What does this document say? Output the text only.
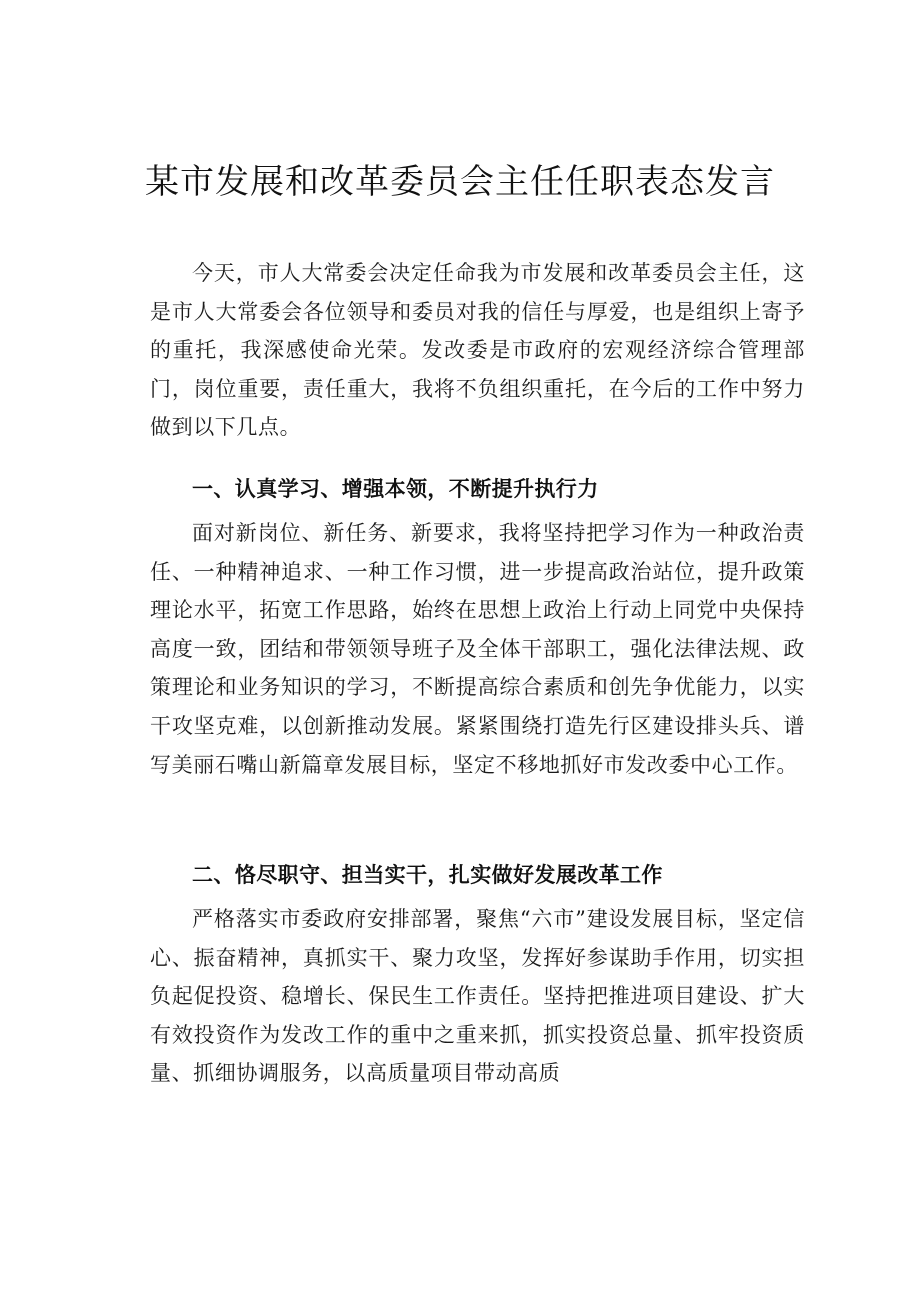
某市发展和改革委员会主任任职表态发言

今天，市人大常委会决定任命我为市发展和改革委员会主任，这是市人大常委会各位领导和委员对我的信任与厚爱，也是组织上寄予的重托，我深感使命光荣。发改委是市政府的宏观经济综合管理部门，岗位重要，责任重大，我将不负组织重托，在今后的工作中努力做到以下几点。

一、认真学习、增强本领，不断提升执行力

面对新岗位、新任务、新要求，我将坚持把学习作为一种政治责任、一种精神追求、一种工作习惯，进一步提高政治站位，提升政策理论水平，拓宽工作思路，始终在思想上政治上行动上同党中央保持高度一致，团结和带领领导班子及全体干部职工，强化法律法规、政策理论和业务知识的学习，不断提高综合素质和创先争优能力，以实干攻坚克难，以创新推动发展。紧紧围绕打造先行区建设排头兵、谱写美丽石嘴山新篇章发展目标，坚定不移地抓好市发改委中心工作。

二、恪尽职守、担当实干，扎实做好发展改革工作

严格落实市委政府安排部署，聚焦“六市”建设发展目标，坚定信心、振奋精神，真抓实干、聚力攻坚，发挥好参谋助手作用，切实担负起促投资、稳增长、保民生工作责任。坚持把推进项目建设、扩大有效投资作为发改工作的重中之重来抓，抓实投资总量、抓牢投资质量、抓细协调服务，以高质量项目带动高质
